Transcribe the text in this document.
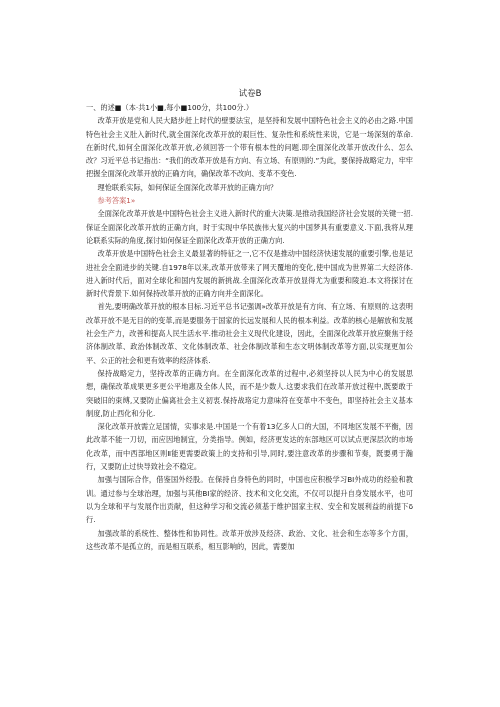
试卷B

一、的述■（本·共1小■,每小■100分，共100分.）

改革开放是党和人民大踏步赶上时代的壁要法宝，是坚持和发展中国特色社会主义的必由之路.中国特色社会主义肚入新时代,就全面深化改革开放的艰巨性、复杂性和系统性来说，它是一场深刻的革命.在新时代,如何全面深化改革开放,必须回答一个带有根本性的问题.即全面深化改革开放改什么、怎么改？习近平总书记指出：“我们的改革开放是有方向、有立场、有原则的.”为此，要保持战略定力，牢牢把握全面深化改革开放的正确方向，确保改革不改向、变革不变色.

理怆联系实际，如何保证全面深化改革开放的正确方向？

参考答案1»

全面深化改革开放是中国特色社会主义进入新时代的重大决策.是推动我国经济社会发展的关键一招.保证全面深化改革开放的正确方向，时于实现中华民族伟大复兴的中国梦具有重要意义.下面,我将从理论联系实际的角度,探讨如何保证全面深化改革开放的正确方向.

改革开放是中国特色社会主义最显著的特征之一,它不仅是推动中国经济快速发展的重要引擎,也是记进社会全面进步的关键.自1978年以来,改革开放带来了网天覆地的变化,使中国成为世界第二大经济体.进入新时代后，面对全球化和国内发展的新挑战.全面深化改革开放显得尤为重要和陵迫.本文将探讨在新时代背景下.如何保持改革开放的正确方向并全面深化。

首先,要明确改革开放的根本目标.习近平总书记强调»改革开放是有方向、有立场、有原则的.这表明改革开放不是无目的的变革,而是要服务于国家的长远发展和人民的根本利益。改革的核心是解放和发展社会生产力，改善和提高人民生活水平.推动社会主义现代化建设，因此，全面深化改革开放应聚焦于经济体制改革、政治体制改革、文化体制改革、社会体制改革和生态文明体制改革等方面,以实现更加公平、公正的社会和更有效率的经济体系.

保持战略定力，坚持改革的正确方向。在全面深化改革的过程中,必须坚持以人民为中心的发展思想，确保改革成果更多更公平地惠及全体人民，而不是少数人.这要求我们在改革开放过程中,既要敢于突破旧的束缚,又要防止偏离社会主义初衷.保持战珞定力意味符在变革中不变色，即坚持社会主义基本制度,防止西化和分化.

深化改革开放需立足国情，实事求是.中国是一个有着13亿多人口的大国，不同地区发展不平衡，因此改革不能一刀切，而应因地制宜，分类指导。例如，经济更发达的东部地区可以试点更深层次的市场化改革，而中西部地区则Ⅱ能更需要政策上的支持和引导,同时,要注意改革的步骤和节奏，既要勇于瀚行，又要防止过快导致社会不稳定。

加强与国际合作，借鉴国外经股。在保持自身特色的同时，中国也应积极学习BI外成功的经验和教训。通过参与全球治理，加强与其他BI家的经济、技术和文化交流，不仅可以提升自身发展水平，也可以为全球和平与发展作出贡献，但这种学习和交流必须基于维护国家主权、安全和发展利益的前提下δ行.

加强改革的系统性、整体性和协同性。改革开放涉及经济、政治、文化、社会和生态等多个方面，这些改革不是孤立的，而是相互联系，相互影响的，因此，需要加
